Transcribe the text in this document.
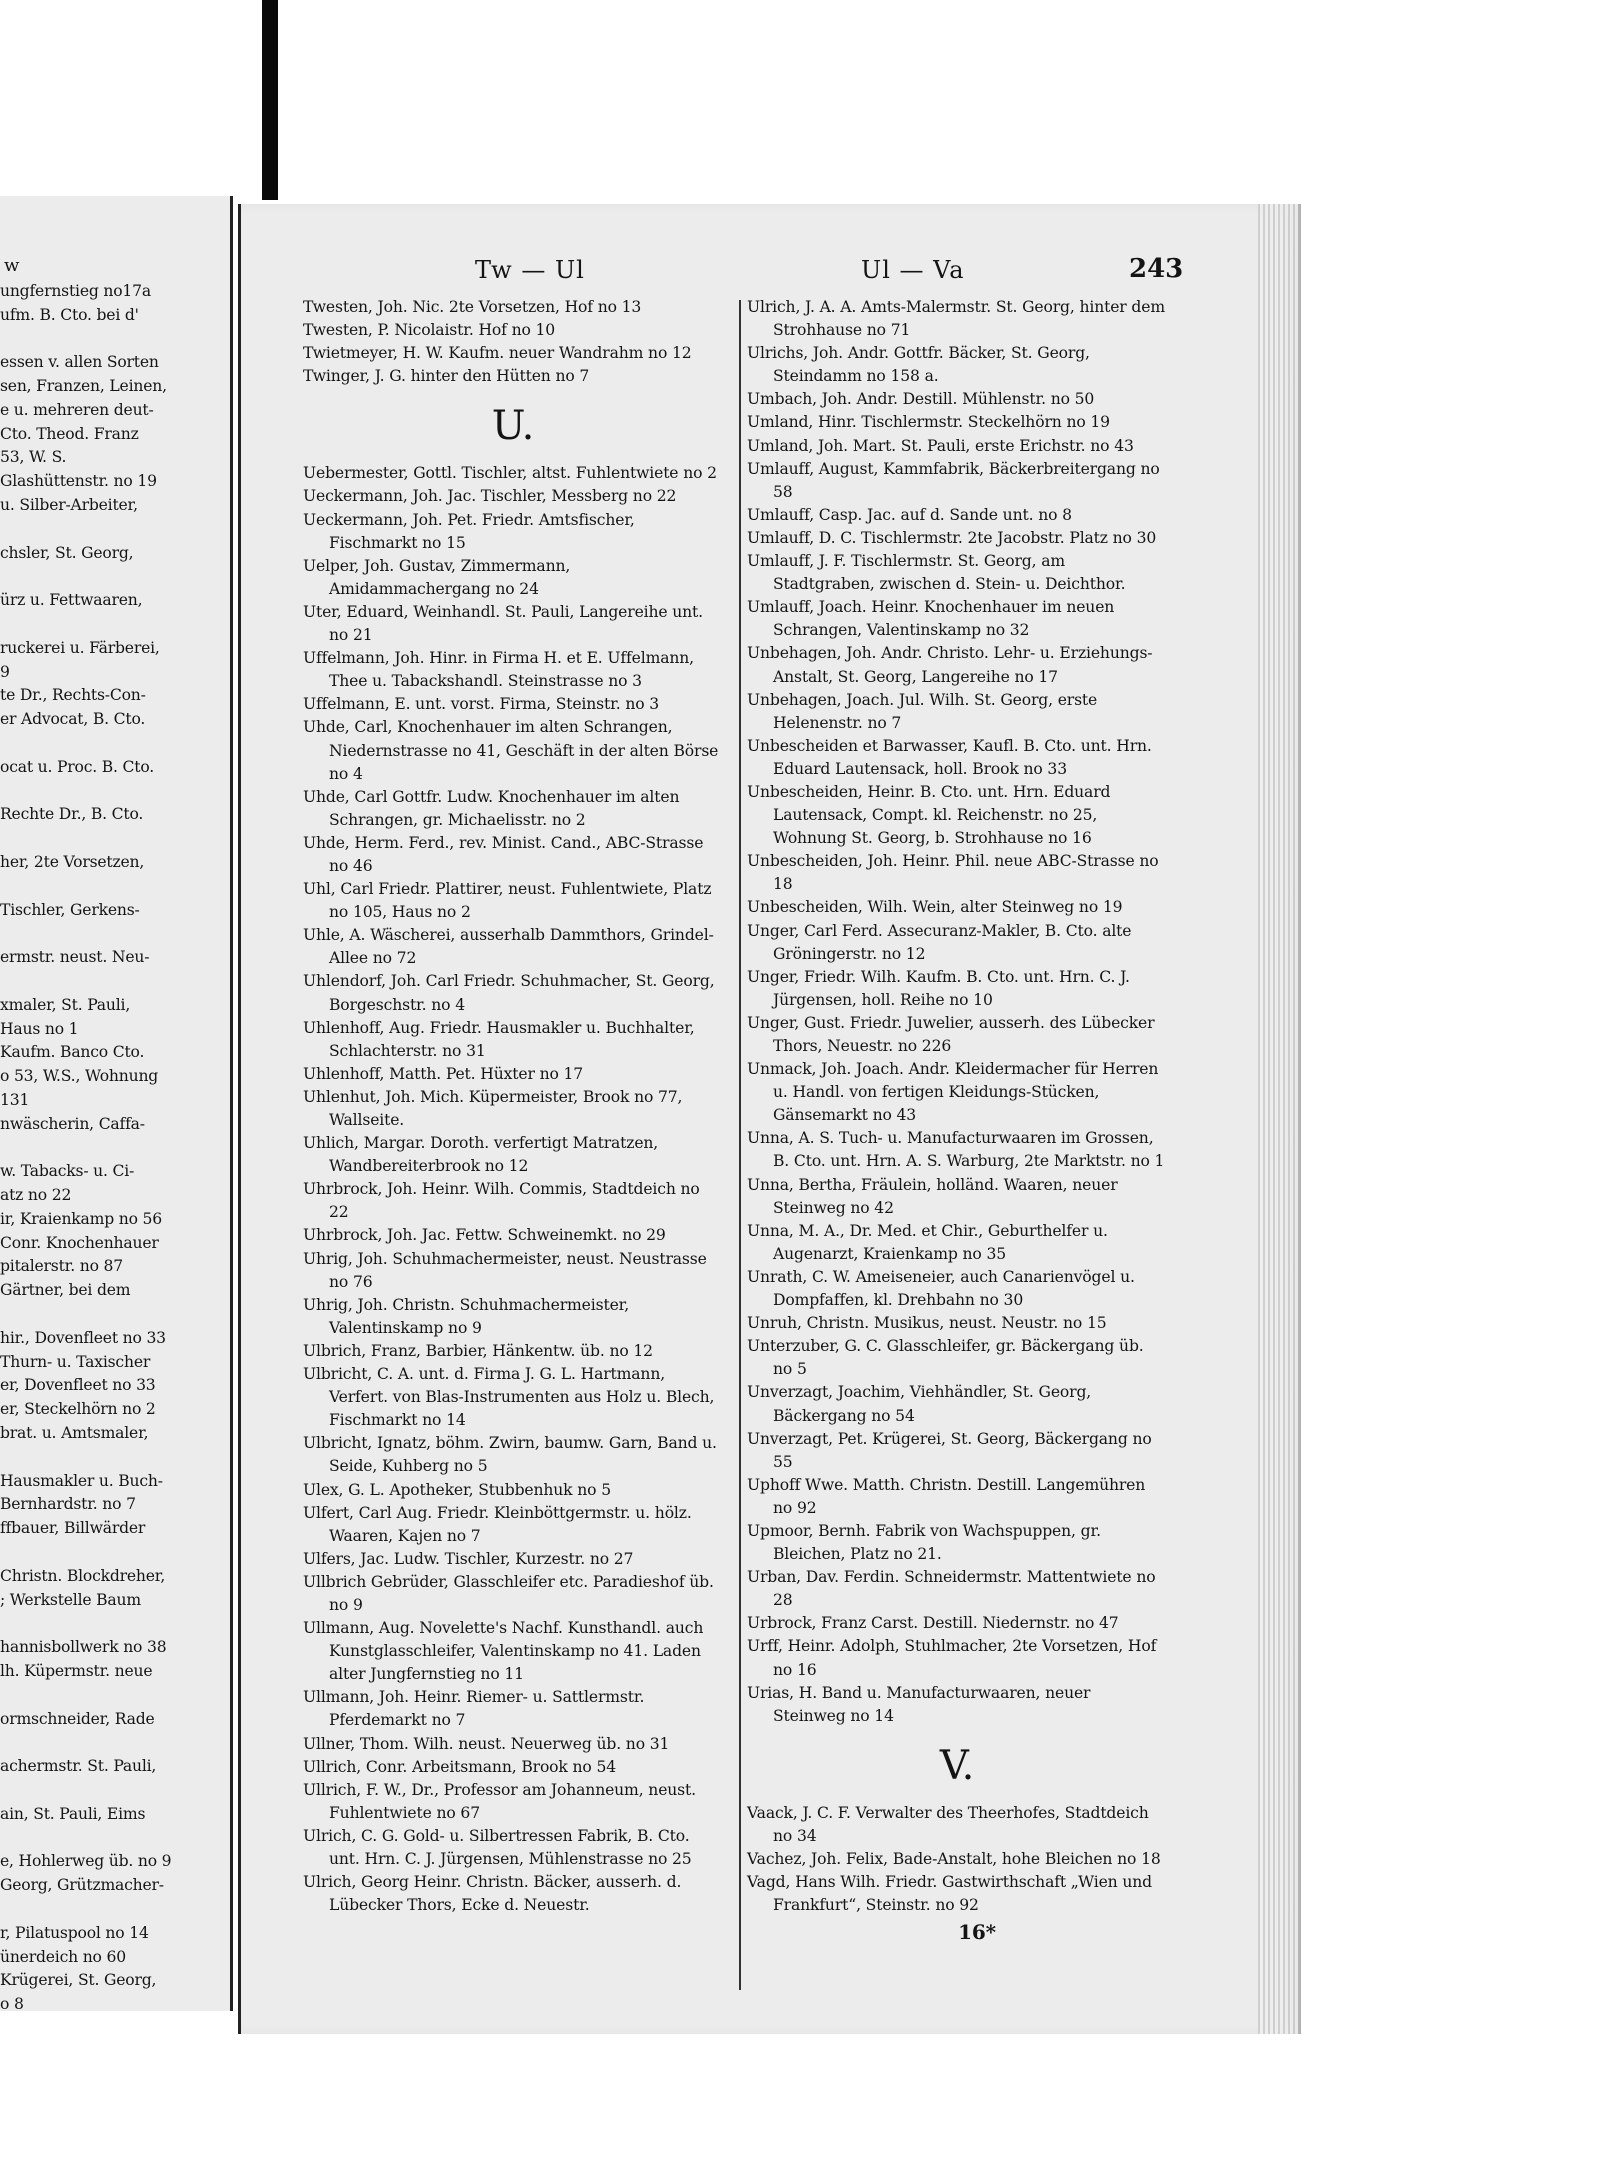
w
ungfernstieg no17a
ufm. B. Cto. bei d'

essen v. allen Sorten
sen, Franzen, Leinen,
e u. mehreren deut-
Cto. Theod. Franz
53, W. S.
Glashüttenstr. no 19
u. Silber-Arbeiter,

chsler, St. Georg,

ürz u. Fettwaaren,

ruckerei u. Färberei,
9
te Dr., Rechts-Con-
er Advocat, B. Cto.

ocat u. Proc. B. Cto.

Rechte Dr., B. Cto.

her, 2te Vorsetzen,

Tischler, Gerkens-

ermstr. neust. Neu-

xmaler, St. Pauli,
Haus no 1
Kaufm. Banco Cto.
o 53, W.S., Wohnung
131
nwäscherin, Caffa-

w. Tabacks- u. Ci-
atz no 22
ir, Kraienkamp no 56
Conr. Knochenhauer
pitalerstr. no 87
Gärtner, bei dem

hir., Dovenfleet no 33
Thurn- u. Taxischer
er, Dovenfleet no 33
er, Steckelhörn no 2
brat. u. Amtsmaler,

Hausmakler u. Buch-
Bernhardstr. no 7
ffbauer, Billwärder

Christn. Blockdreher,
; Werkstelle Baum

hannisbollwerk no 38
lh. Küpermstr. neue

ormschneider, Rade

achermstr. St. Pauli,

ain, St. Pauli, Eims

e, Hohlerweg üb. no 9
Georg, Grützmacher-

r, Pilatuspool no 14
ünerdeich no 60
Krügerei, St. Georg,
o 8
Tw — Ul	Ul — Va	243
Twesten, Joh. Nic. 2te Vorsetzen, Hof no 13
Twesten, P. Nicolaistr. Hof no 10
Twietmeyer, H. W. Kaufm. neuer Wandrahm no 12
Twinger, J. G. hinter den Hütten no 7
U.
Uebermester, Gottl. Tischler, altst. Fuhlentwiete no 2
Ueckermann, Joh. Jac. Tischler, Messberg no 22
Ueckermann, Joh. Pet. Friedr. Amtsfischer, Fischmarkt no 15
Uelper, Joh. Gustav, Zimmermann, Amidammachergang no 24
Uter, Eduard, Weinhandl. St. Pauli, Langereihe unt. no 21
Uffelmann, Joh. Hinr. in Firma H. et E. Uffelmann, Thee u. Tabackshandl. Steinstrasse no 3
Uffelmann, E. unt. vorst. Firma, Steinstr. no 3
Uhde, Carl, Knochenhauer im alten Schrangen, Niedernstrasse no 41, Geschäft in der alten Börse no 4
Uhde, Carl Gottfr. Ludw. Knochenhauer im alten Schrangen, gr. Michaelisstr. no 2
Uhde, Herm. Ferd., rev. Minist. Cand., ABC-Strasse no 46
Uhl, Carl Friedr. Plattirer, neust. Fuhlentwiete, Platz no 105, Haus no 2
Uhle, A. Wäscherei, ausserhalb Dammthors, Grindel-Allee no 72
Uhlendorf, Joh. Carl Friedr. Schuhmacher, St. Georg, Borgeschstr. no 4
Uhlenhoff, Aug. Friedr. Hausmakler u. Buchhalter, Schlachterstr. no 31
Uhlenhoff, Matth. Pet. Hüxter no 17
Uhlenhut, Joh. Mich. Küpermeister, Brook no 77, Wallseite.
Uhlich, Margar. Doroth. verfertigt Matratzen, Wandbereiterbrook no 12
Uhrbrock, Joh. Heinr. Wilh. Commis, Stadtdeich no 22
Uhrbrock, Joh. Jac. Fettw. Schweinemkt. no 29
Uhrig, Joh. Schuhmachermeister, neust. Neustrasse no 76
Uhrig, Joh. Christn. Schuhmachermeister, Valentinskamp no 9
Ulbrich, Franz, Barbier, Hänkentw. üb. no 12
Ulbricht, C. A. unt. d. Firma J. G. L. Hartmann, Verfert. von Blas-Instrumenten aus Holz u. Blech, Fischmarkt no 14
Ulbricht, Ignatz, böhm. Zwirn, baumw. Garn, Band u. Seide, Kuhberg no 5
Ulex, G. L. Apotheker, Stubbenhuk no 5
Ulfert, Carl Aug. Friedr. Kleinböttgermstr. u. hölz. Waaren, Kajen no 7
Ulfers, Jac. Ludw. Tischler, Kurzestr. no 27
Ullbrich Gebrüder, Glasschleifer etc. Paradieshof üb. no 9
Ullmann, Aug. Novelette's Nachf. Kunsthandl. auch Kunstglasschleifer, Valentinskamp no 41. Laden alter Jungfernstieg no 11
Ullmann, Joh. Heinr. Riemer- u. Sattlermstr. Pferdemarkt no 7
Ullner, Thom. Wilh. neust. Neuerweg üb. no 31
Ullrich, Conr. Arbeitsmann, Brook no 54
Ullrich, F. W., Dr., Professor am Johanneum, neust. Fuhlentwiete no 67
Ulrich, C. G. Gold- u. Silbertressen Fabrik, B. Cto. unt. Hrn. C. J. Jürgensen, Mühlenstrasse no 25
Ulrich, Georg Heinr. Christn. Bäcker, ausserh. d. Lübecker Thors, Ecke d. Neuestr.
Ulrich, J. A. A. Amts-Malermstr. St. Georg, hinter dem Strohhause no 71
Ulrichs, Joh. Andr. Gottfr. Bäcker, St. Georg, Steindamm no 158 a.
Umbach, Joh. Andr. Destill. Mühlenstr. no 50
Umland, Hinr. Tischlermstr. Steckelhörn no 19
Umland, Joh. Mart. St. Pauli, erste Erichstr. no 43
Umlauff, August, Kammfabrik, Bäckerbreitergang no 58
Umlauff, Casp. Jac. auf d. Sande unt. no 8
Umlauff, D. C. Tischlermstr. 2te Jacobstr. Platz no 30
Umlauff, J. F. Tischlermstr. St. Georg, am Stadtgraben, zwischen d. Stein- u. Deichthor.
Umlauff, Joach. Heinr. Knochenhauer im neuen Schrangen, Valentinskamp no 32
Unbehagen, Joh. Andr. Christo. Lehr- u. Erziehungs-Anstalt, St. Georg, Langereihe no 17
Unbehagen, Joach. Jul. Wilh. St. Georg, erste Helenenstr. no 7
Unbescheiden et Barwasser, Kaufl. B. Cto. unt. Hrn. Eduard Lautensack, holl. Brook no 33
Unbescheiden, Heinr. B. Cto. unt. Hrn. Eduard Lautensack, Compt. kl. Reichenstr. no 25, Wohnung St. Georg, b. Strohhause no 16
Unbescheiden, Joh. Heinr. Phil. neue ABC-Strasse no 18
Unbescheiden, Wilh. Wein, alter Steinweg no 19
Unger, Carl Ferd. Assecuranz-Makler, B. Cto. alte Gröningerstr. no 12
Unger, Friedr. Wilh. Kaufm. B. Cto. unt. Hrn. C. J. Jürgensen, holl. Reihe no 10
Unger, Gust. Friedr. Juwelier, ausserh. des Lübecker Thors, Neuestr. no 226
Unmack, Joh. Joach. Andr. Kleidermacher für Herren u. Handl. von fertigen Kleidungs-Stücken, Gänsemarkt no 43
Unna, A. S. Tuch- u. Manufacturwaaren im Grossen, B. Cto. unt. Hrn. A. S. Warburg, 2te Marktstr. no 1
Unna, Bertha, Fräulein, holländ. Waaren, neuer Steinweg no 42
Unna, M. A., Dr. Med. et Chir., Geburthelfer u. Augenarzt, Kraienkamp no 35
Unrath, C. W. Ameiseneier, auch Canarienvögel u. Dompfaffen, kl. Drehbahn no 30
Unruh, Christn. Musikus, neust. Neustr. no 15
Unterzuber, G. C. Glasschleifer, gr. Bäckergang üb. no 5
Unverzagt, Joachim, Viehhändler, St. Georg, Bäckergang no 54
Unverzagt, Pet. Krügerei, St. Georg, Bäckergang no 55
Uphoff Wwe. Matth. Christn. Destill. Langemühren no 92
Upmoor, Bernh. Fabrik von Wachspuppen, gr. Bleichen, Platz no 21.
Urban, Dav. Ferdin. Schneidermstr. Mattentwiete no 28
Urbrock, Franz Carst. Destill. Niedernstr. no 47
Urff, Heinr. Adolph, Stuhlmacher, 2te Vorsetzen, Hof no 16
Urias, H. Band u. Manufacturwaaren, neuer Steinweg no 14
V.
Vaack, J. C. F. Verwalter des Theerhofes, Stadtdeich no 34
Vachez, Joh. Felix, Bade-Anstalt, hohe Bleichen no 18
Vagd, Hans Wilh. Friedr. Gastwirthschaft „Wien und Frankfurt“, Steinstr. no 92
16*
